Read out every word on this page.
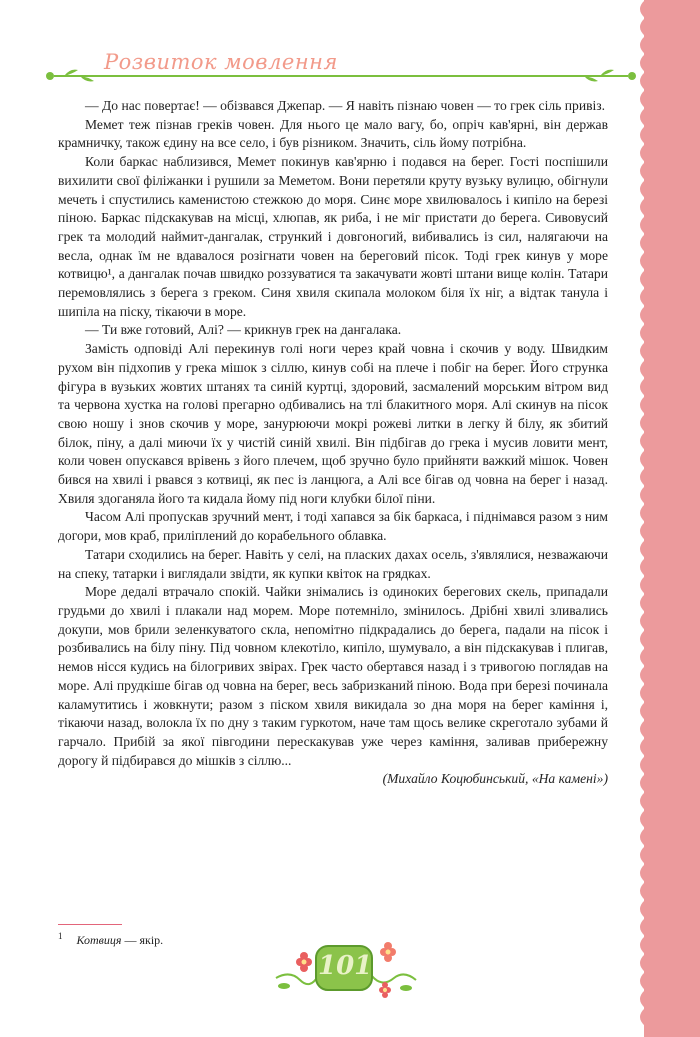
Розвиток мовлення

— До нас повертає! — обізвався Джепар. — Я навіть пізнаю човен — то грек сіль привіз.

Мемет теж пізнав греків човен. Для нього це мало вагу, бо, опріч кав'ярні, він держав крамничку, також єдину на все село, і був різником. Значить, сіль йому потрібна.

Коли баркас наблизився, Мемет покинув кав'ярню і подався на берег. Гості поспішили вихилити свої філіжанки і рушили за Меметом. Вони перетяли круту вузьку вулицю, обігнули мечеть і спустились каменистою стежкою до моря. Синє море хвилювалось і кипіло на березі піною. Баркас підскакував на місці, хлюпав, як риба, і не міг пристати до берега. Сивовусий грек та молодий наймит-дангалак, стрункий і довгоногий, вибивались із сил, налягаючи на весла, однак їм не вдавалося розігнати човен на береговий пісок. Тоді грек кинув у море котвицю¹, а дангалак почав швидко роззуватися та закачувати жовті штани вище колін. Татари перемовлялись з берега з греком. Синя хвиля скипала молоком біля їх ніг, а відтак танула і шипіла на піску, тікаючи в море.

— Ти вже готовий, Алі? — крикнув грек на дангалака.

Замість одповіді Алі перекинув голі ноги через край човна і скочив у воду. Швидким рухом він підхопив у грека мішок з сіллю, кинув собі на плече і побіг на берег. Його стрункa фігура в вузьких жовтих штанях та синій куртці, здоровий, засмалений морським вітром вид та червона хустка на голові прегарно одбивались на тлі блакитного моря. Алі скинув на пісок свою ношу і знов скочив у море, занурюючи мокрі рожеві литки в легку й білу, як збитий білок, піну, а далі миючи їх у чистій синій хвилі. Він підбігав до грека і мусив ловити мент, коли човен опускався врівень з його плечем, щоб зручно було прийняти важкий мішок. Човен бився на хвилі і рвався з котвиці, як пес із ланцюга, а Алі все бігав од човна на берег і назад. Хвиля здоганяла його та кидала йому під ноги клубки білої піни.

Часом Алі пропускав зручний мент, і тоді хапався за бік баркаса, і піднімався разом з ним догори, мов краб, приліплений до корабельного облавка.

Татари сходились на берег. Навіть у селі, на пласких дахах осель, з'являлися, незважаючи на спеку, татарки і виглядали звідти, як купки квіток на грядках.

Море дедалі втрачало спокій. Чайки знімались із одиноких берегових скель, припадали грудьми до хвилі і плакали над морем. Море потемніло, змінилось. Дрібні хвилі зливались докупи, мов брили зеленкуватого скла, непомітно підкрадались до берега, падали на пісок і розбивались на білу піну. Під човном клекотіло, кипіло, шумувало, а він підскакував і плигав, немов нісся кудись на білогривих звірах. Грек часто обертався назад і з тривогою поглядав на море. Алі прудкіше бігав од човна на берег, весь забризканий піною. Вода при березі починала каламутитись і жовкнути; разом з піском хвиля викидала зо дна моря на берег каміння і, тікаючи назад, волокла їх по дну з таким гуркотом, наче там щось велике скреготало зубами й гарчало. Прибій за якої півгодини перескакував уже через каміння, заливав прибережну дорогу й підбирався до мішків з сіллю...

(Михайло Коцюбинський, «На камені»)

$^1$ Котвиця — якір.
101
